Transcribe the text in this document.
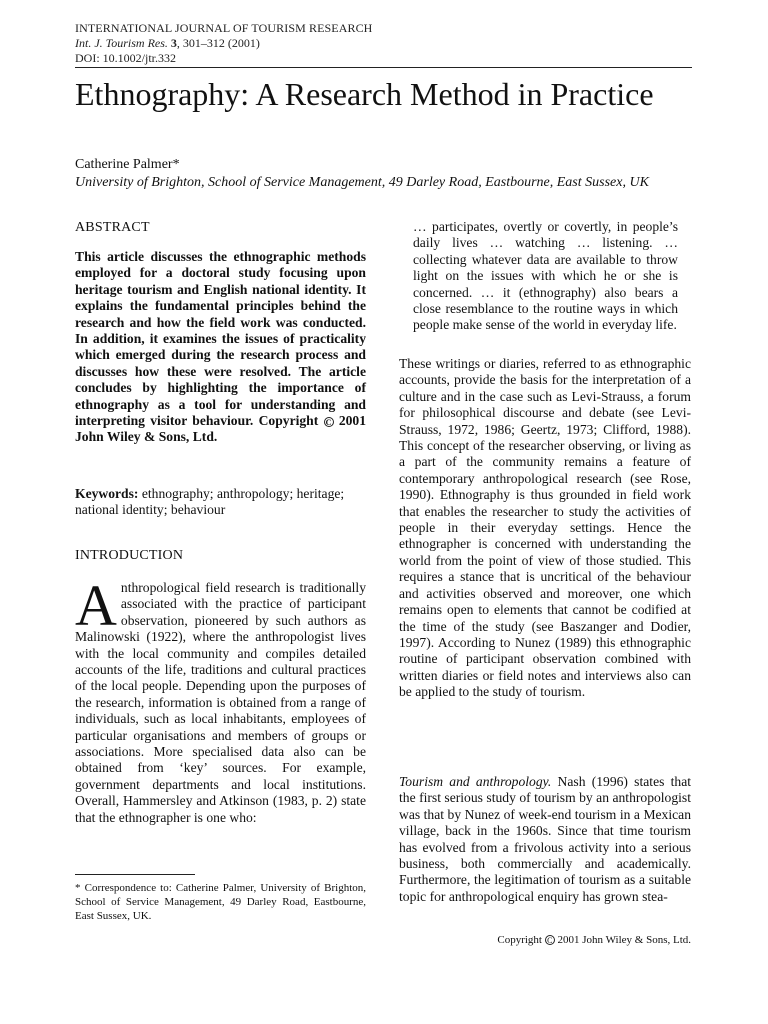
INTERNATIONAL JOURNAL OF TOURISM RESEARCH
Int. J. Tourism Res. 3, 301–312 (2001)
DOI: 10.1002/jtr.332
Ethnography: A Research Method in Practice
Catherine Palmer*
University of Brighton, School of Service Management, 49 Darley Road, Eastbourne, East Sussex, UK
ABSTRACT
This article discusses the ethnographic methods employed for a doctoral study focusing upon heritage tourism and English national identity. It explains the fundamental principles behind the research and how the field work was conducted. In addition, it examines the issues of practicality which emerged during the research process and discusses how these were resolved. The article concludes by highlighting the importance of ethnography as a tool for understanding and interpreting visitor behaviour. Copyright C 2001 John Wiley & Sons, Ltd.
Keywords: ethnography; anthropology; heritage; national identity; behaviour
INTRODUCTION
Anthropological field research is traditionally associated with the practice of participant observation, pioneered by such authors as Malinowski (1922), where the anthropologist lives with the local community and compiles detailed accounts of the life, traditions and cultural practices of the local people. Depending upon the purposes of the research, information is obtained from a range of individuals, such as local inhabitants, employees of particular organisations and members of groups or associations. More specialised data also can be obtained from ‘key’ sources. For example, government departments and local institutions. Overall, Hammersley and Atkinson (1983, p. 2) state that the ethnographer is one who:
* Correspondence to: Catherine Palmer, University of Brighton, School of Service Management, 49 Darley Road, Eastbourne, East Sussex, UK.
… participates, overtly or covertly, in people’s daily lives … watching … listening. … collecting whatever data are available to throw light on the issues with which he or she is concerned. … it (ethnography) also bears a close resemblance to the routine ways in which people make sense of the world in everyday life.
These writings or diaries, referred to as ethnographic accounts, provide the basis for the interpretation of a culture and in the case such as Levi-Strauss, a forum for philosophical discourse and debate (see Levi-Strauss, 1972, 1986; Geertz, 1973; Clifford, 1988). This concept of the researcher observing, or living as a part of the community remains a feature of contemporary anthropological research (see Rose, 1990). Ethnography is thus grounded in field work that enables the researcher to study the activities of people in their everyday settings. Hence the ethnographer is concerned with understanding the world from the point of view of those studied. This requires a stance that is uncritical of the behaviour and activities observed and moreover, one which remains open to elements that cannot be codified at the time of the study (see Baszanger and Dodier, 1997). According to Nunez (1989) this ethnographic routine of participant observation combined with written diaries or field notes and interviews also can be applied to the study of tourism.
Tourism and anthropology. Nash (1996) states that the first serious study of tourism by an anthropologist was that by Nunez of week-end tourism in a Mexican village, back in the 1960s. Since that time tourism has evolved from a frivolous activity into a serious business, both commercially and academically. Furthermore, the legitimation of tourism as a suitable topic for anthropological enquiry has grown stea-
Copyright C 2001 John Wiley & Sons, Ltd.
